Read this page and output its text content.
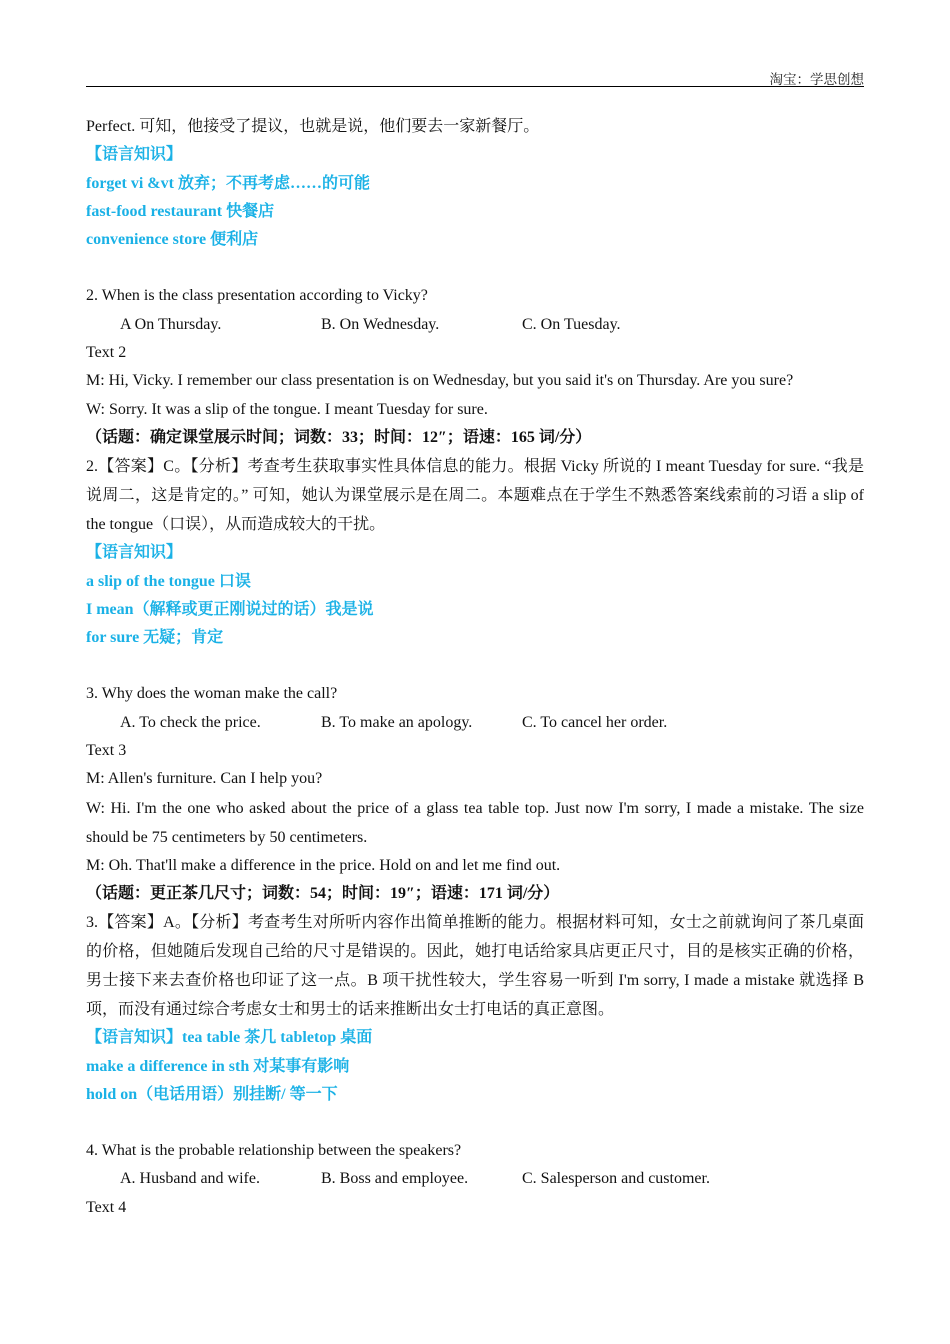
淘宝：学思创想
Perfect. 可知，他接受了提议，也就是说，他们要去一家新餐厅。
【语言知识】
forget vi &vt 放弃；不再考虑……的可能
fast-food restaurant 快餐店
convenience store 便利店
2. When is the class presentation according to Vicky?
A On Thursday.	B. On Wednesday.	C. On Tuesday.
Text 2
M: Hi, Vicky. I remember our class presentation is on Wednesday, but you said it's on Thursday. Are you sure?
W: Sorry. It was a slip of the tongue. I meant Tuesday for sure.
（话题：确定课堂展示时间；词数：33；时间：12″；语速：165 词/分）
2.【答案】C。【分析】考查考生获取事实性具体信息的能力。根据 Vicky 所说的 I meant Tuesday for sure. “我是说周二，这是肯定的。” 可知，她认为课堂展示是在周二。本题难点在于学生不熟悉答案线索前的习语 a slip of the tongue（口误），从而造成较大的干扰。
【语言知识】
a slip of the tongue 口误
I mean（解释或更正刚说过的话）我是说
for sure 无疑；肯定
3. Why does the woman make the call?
A. To check the price.	B. To make an apology.	C. To cancel her order.
Text 3
M: Allen's furniture. Can I help you?
W: Hi. I'm the one who asked about the price of a glass tea table top. Just now I'm sorry, I made a mistake. The size should be 75 centimeters by 50 centimeters.
M: Oh. That'll make a difference in the price. Hold on and let me find out.
（话题：更正茶几尺寸；词数：54；时间：19″；语速：171 词/分）
3.【答案】A。【分析】考查考生对所听内容作出简单推断的能力。根据材料可知，女士之前就询问了茶几桌面的价格，但她随后发现自己给的尺寸是错误的。因此，她打电话给家具店更正尺寸，目的是核实正确的价格，男士接下来去查价格也印证了这一点。B 项干扰性较大，学生容易一听到 I'm sorry, I made a mistake 就选择 B 项，而没有通过综合考虑女士和男士的话来推断出女士打电话的真正意图。
【语言知识】tea table 茶几 tabletop 桌面
make a difference in sth 对某事有影响
hold on（电话用语）别挂断/ 等一下
4. What is the probable relationship between the speakers?
A. Husband and wife.	B. Boss and employee.	C. Salesperson and customer.
Text 4
